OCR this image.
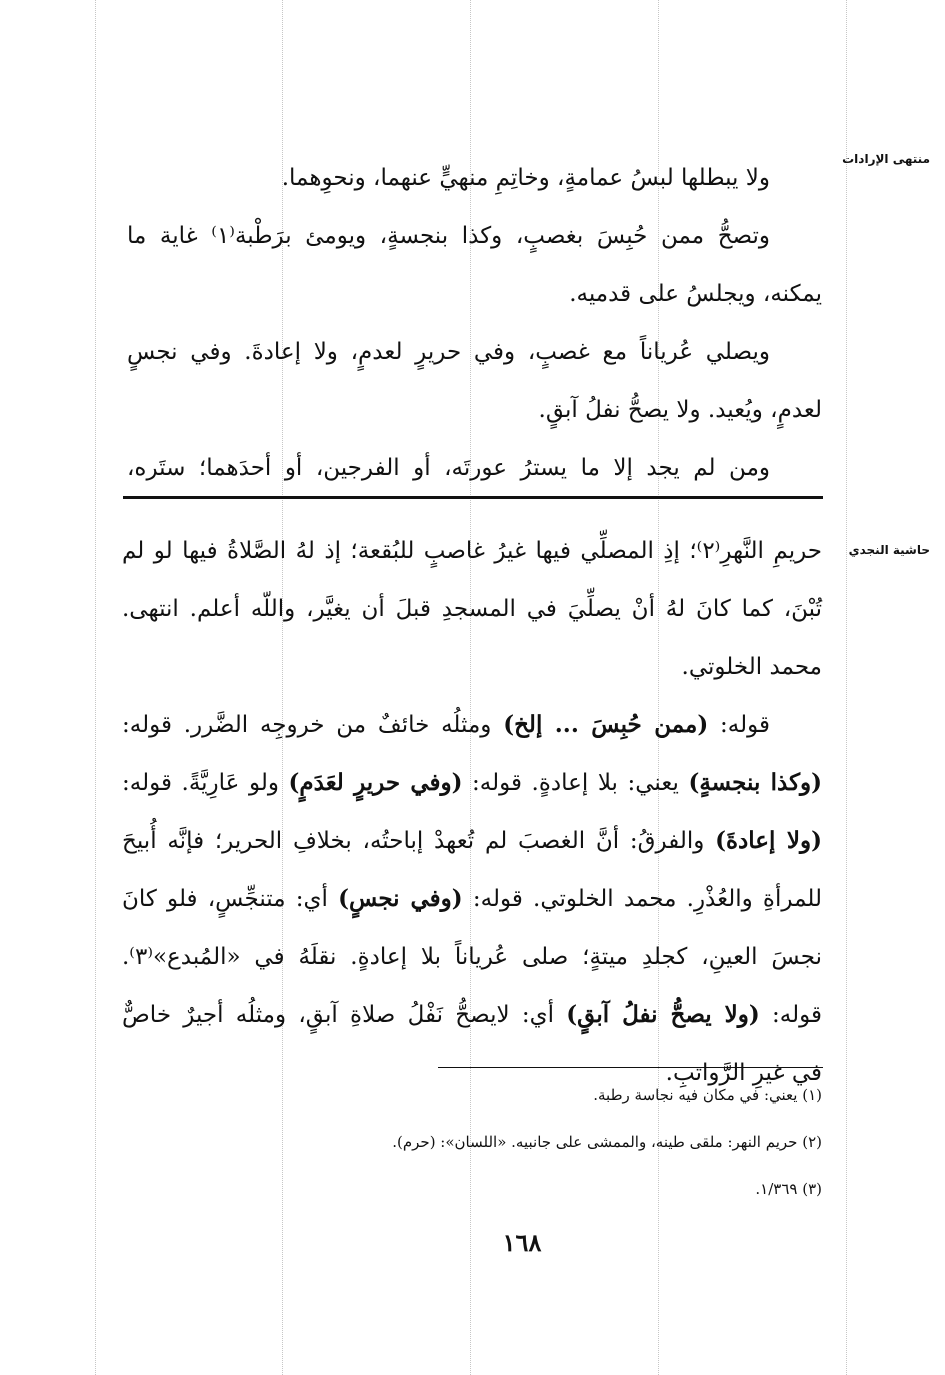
منتهى الإرادات
حاشية النجدي
ولا يبطلها لبسُ عمامةٍ، وخاتِمِ منهيٍّ عنهما، ونحوِهما.
وتصحُّ ممن حُبِسَ بغصبٍ، وكذا بنجسةٍ، ويومئ برَطْبة⁽١⁾ غاية ما
يمكنه، ويجلسُ على قدميه.
ويصلي عُرياناً مع غصبٍ، وفي حريرٍ لعدمٍ، ولا إعادةَ. وفي نجسٍ
لعدمٍ، ويُعيد. ولا يصحُّ نفلُ آبقٍ.
ومن لم يجد إلا ما يسترُ عورتَه، أو الفرجين، أو أحدَهما؛ ستَره،
حريمِ النَّهرِ⁽٢⁾؛ إذِ المصلِّي فيها غيرُ غاصبٍ للبُقعة؛ إذ لهُ الصَّلاةُ فيها لو لم
تُبْنَ، كما كانَ لهُ أنْ يصلِّيَ في المسجدِ قبلَ أن يغيَّر، واللّه أعلم. انتهى.
محمد الخلوتي.
قوله: (ممن حُبِسَ ... إلخ) ومثلُه خائفٌ من خروجِه الضَّرر. قوله:
(وكذا بنجسةٍ) يعني: بلا إعادةٍ. قوله: (وفي حريرٍ لعَدَمٍ) ولو عَارِيَّةً. قوله:
(ولا إعادةَ) والفرقُ: أنَّ الغصبَ لم تُعهدْ إباحتُه، بخلافِ الحرير؛ فإنَّه أُبيحَ
للمرأةِ والعُذْرِ. محمد الخلوتي. قوله: (وفي نجسٍ) أي: متنجِّسٍ، فلو كانَ
نجسَ العينِ، كجلدِ ميتةٍ؛ صلى عُرياناً بلا إعادةٍ. نقلَهُ في «المُبدع»⁽٣⁾.
قوله: (ولا يصحُّ نفلُ آبقٍ) أي: لايصحُّ نَفْلُ صلاةِ آبقٍ، ومثلُه أجيرٌ خاصٌّ
في غيرِ الرَّواتبِ.
(١) يعني: في مكان فيه نجاسة رطبة.
(٢) حريم النهر: ملقى طينه، والممشى على جانبيه. «اللسان»: (حرم).
(٣) ١/٣٦٩.
١٦٨
